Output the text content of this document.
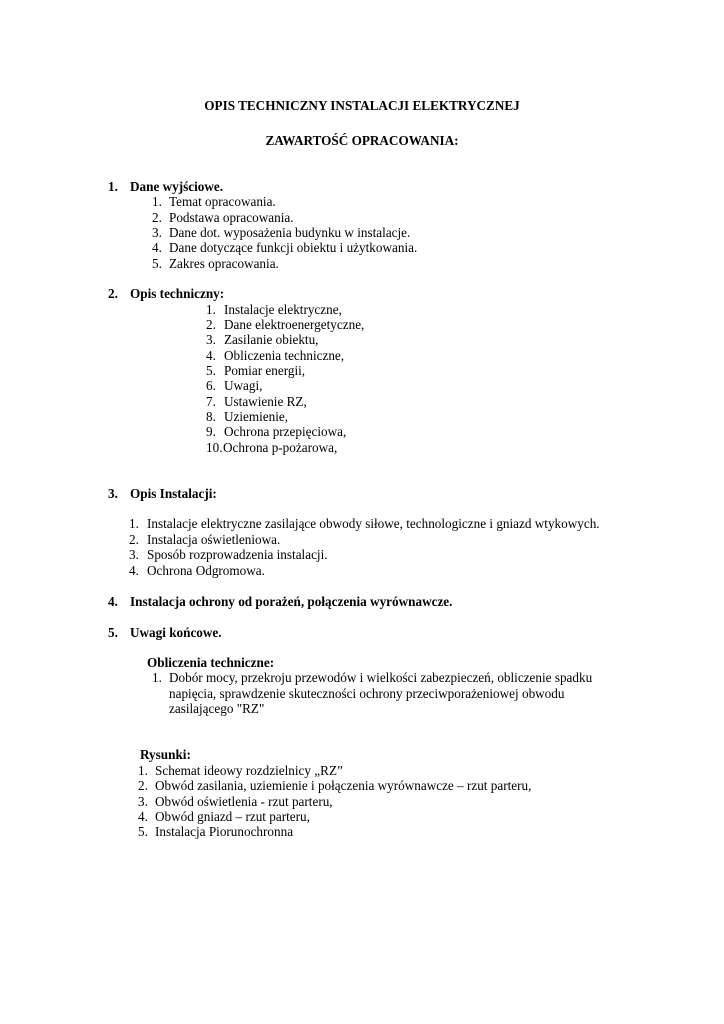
OPIS TECHNICZNY INSTALACJI ELEKTRYCZNEJ
ZAWARTOŚĆ OPRACOWANIA:
1. Dane wyjściowe.
1. Temat opracowania.
2. Podstawa opracowania.
3. Dane dot. wyposażenia budynku w instalacje.
4. Dane dotyczące funkcji obiektu i użytkowania.
5. Zakres opracowania.
2. Opis techniczny:
1. Instalacje elektryczne,
2. Dane elektroenergetyczne,
3. Zasilanie obiektu,
4. Obliczenia techniczne,
5. Pomiar energii,
6. Uwagi,
7. Ustawienie RZ,
8. Uziemienie,
9. Ochrona przepięciowa,
10. Ochrona p-pożarowa,
3. Opis Instalacji:
1. Instalacje elektryczne zasilające obwody siłowe, technologiczne i gniazd wtykowych.
2. Instalacja oświetleniowa.
3. Sposób rozprowadzenia instalacji.
4. Ochrona Odgromowa.
4. Instalacja ochrony od porażeń, połączenia wyrównawcze.
5. Uwagi końcowe.
Obliczenia techniczne:
1. Dobór mocy, przekroju przewodów i wielkości zabezpieczeń, obliczenie spadku
napięcia, sprawdzenie skuteczności ochrony przeciwporażeniowej obwodu
zasilającego "RZ"
Rysunki:
1. Schemat ideowy rozdzielnicy „RZ”
2. Obwód zasilania, uziemienie i połączenia wyrównawcze – rzut parteru,
3. Obwód oświetlenia - rzut parteru,
4. Obwód gniazd – rzut parteru,
5. Instalacja Piorunochronna
